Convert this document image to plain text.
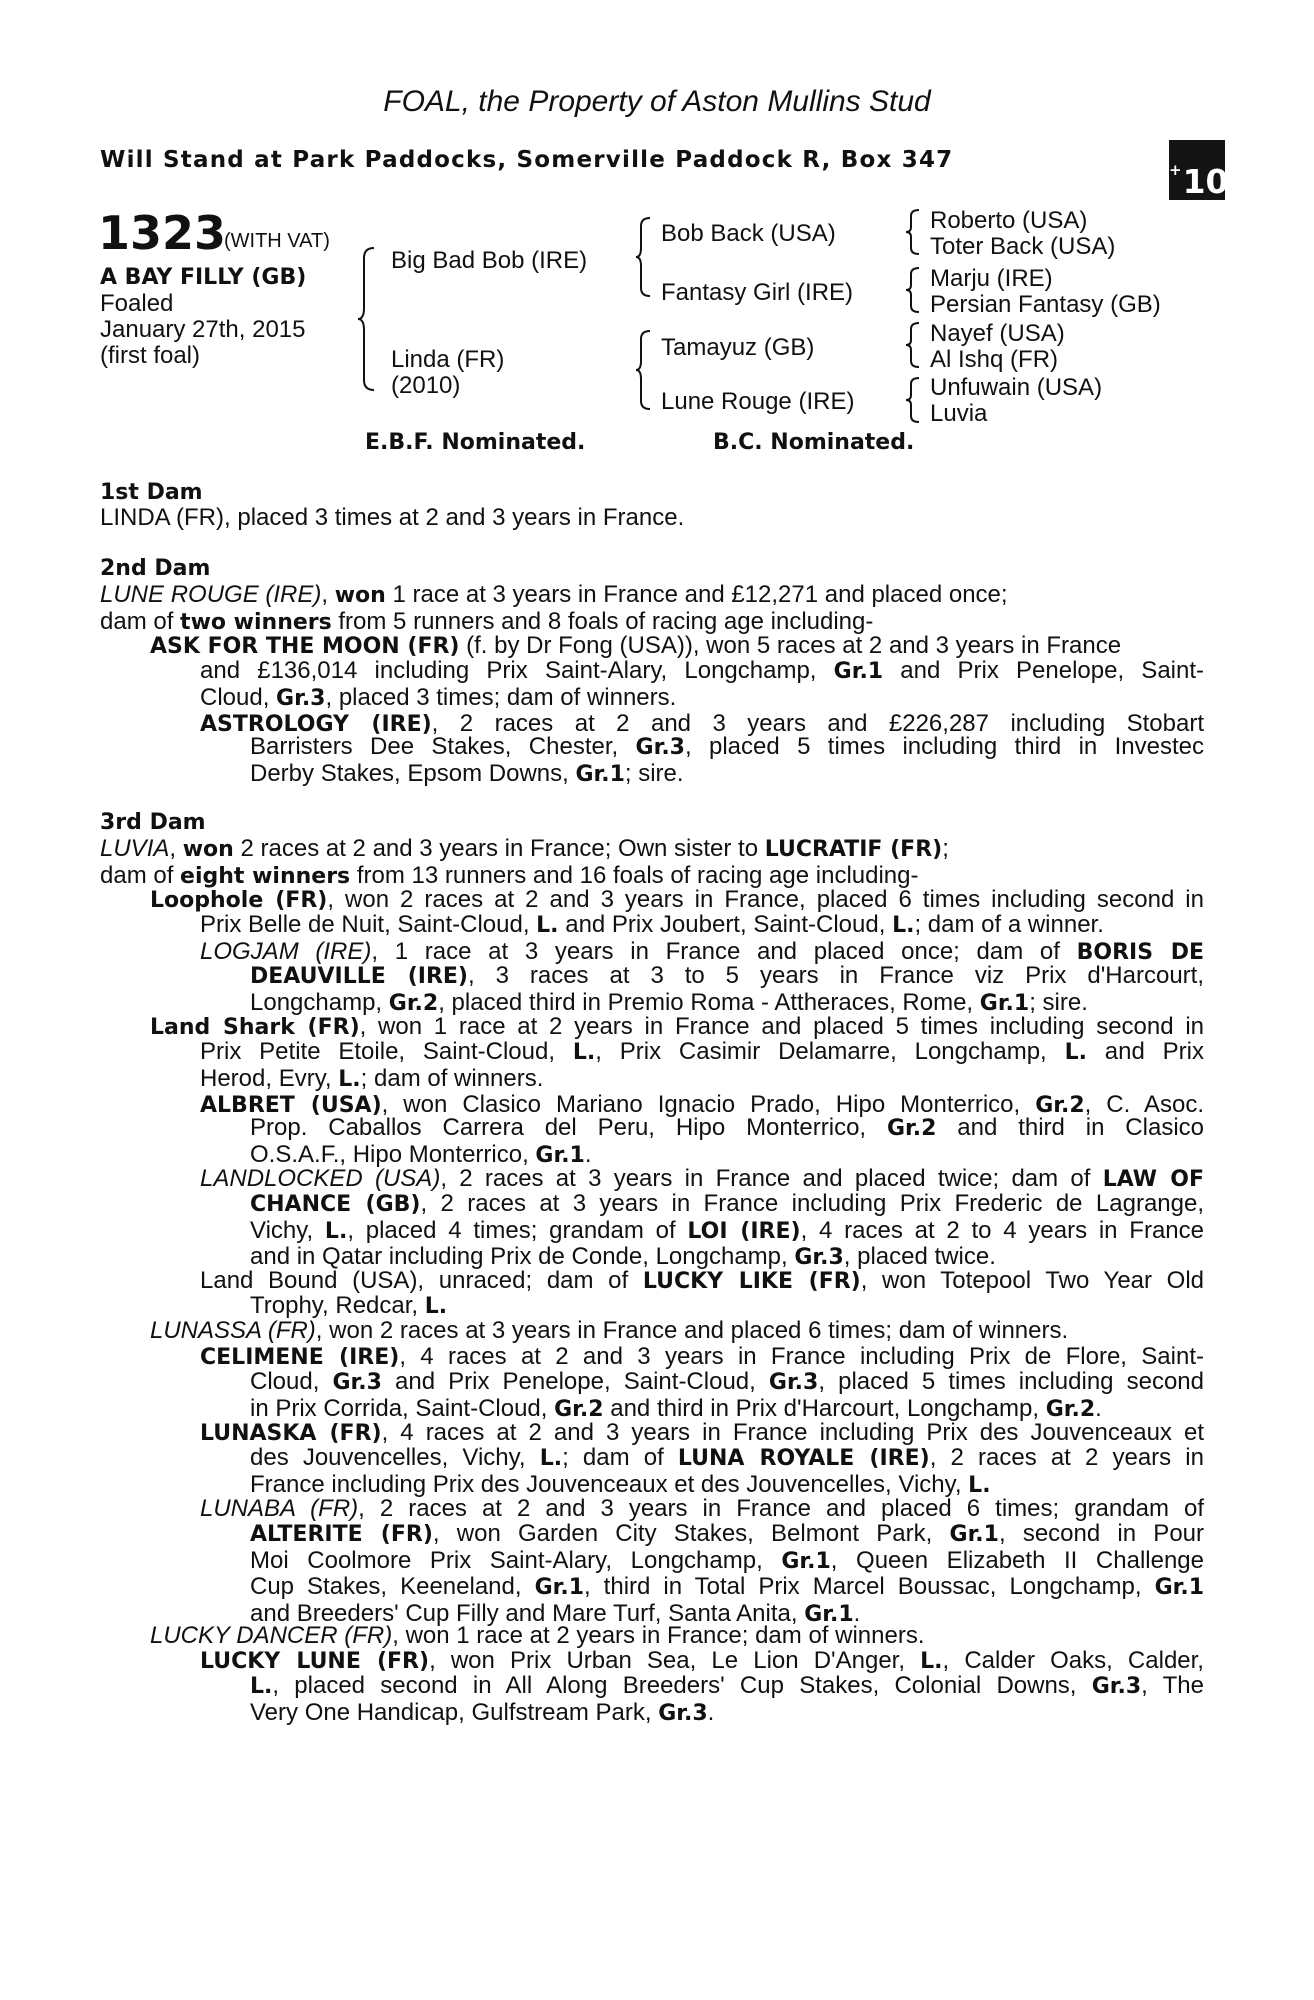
FOAL, the Property of Aston Mullins Stud
Will Stand at Park Paddocks, Somerville Paddock R, Box 347	+10
1323
(WITH VAT)
A BAY FILLY (GB)
Foaled
January 27th, 2015
(first foal)
Big Bad Bob (IRE)
Linda (FR)
(2010)
Bob Back (USA)
Fantasy Girl (IRE)
Tamayuz (GB)
Lune Rouge (IRE)
Roberto (USA)
Toter Back (USA)
Marju (IRE)
Persian Fantasy (GB)
Nayef (USA)
Al Ishq (FR)
Unfuwain (USA)
Luvia
E.B.F. Nominated.	B.C. Nominated.
1st Dam
LINDA (FR), placed 3 times at 2 and 3 years in France.
2nd Dam

LUNE ROUGE (IRE), won 1 race at 3 years in France and £12,271 and placed once;

dam of two winners from 5 runners and 8 foals of racing age including-

ASK FOR THE MOON (FR) (f. by Dr Fong (USA)), won 5 races at 2 and 3 years in France

and £136,014 including Prix Saint-Alary, Longchamp, Gr.1 and Prix Penelope, Saint-

Cloud, Gr.3, placed 3 times; dam of winners.

ASTROLOGY (IRE), 2 races at 2 and 3 years and £226,287 including Stobart

Barristers Dee Stakes, Chester, Gr.3, placed 5 times including third in Investec

Derby Stakes, Epsom Downs, Gr.1; sire.

3rd Dam

LUVIA, won 2 races at 2 and 3 years in France; Own sister to LUCRATIF (FR);

dam of eight winners from 13 runners and 16 foals of racing age including-

Loophole (FR), won 2 races at 2 and 3 years in France, placed 6 times including second in

Prix Belle de Nuit, Saint-Cloud, L. and Prix Joubert, Saint-Cloud, L.; dam of a winner.

LOGJAM (IRE), 1 race at 3 years in France and placed once; dam of BORIS DE

DEAUVILLE (IRE), 3 races at 3 to 5 years in France viz Prix d'Harcourt,

Longchamp, Gr.2, placed third in Premio Roma - Attheraces, Rome, Gr.1; sire.

Land Shark (FR), won 1 race at 2 years in France and placed 5 times including second in

Prix Petite Etoile, Saint-Cloud, L., Prix Casimir Delamarre, Longchamp, L. and Prix

Herod, Evry, L.; dam of winners.

ALBRET (USA), won Clasico Mariano Ignacio Prado, Hipo Monterrico, Gr.2, C. Asoc.

Prop. Caballos Carrera del Peru, Hipo Monterrico, Gr.2 and third in Clasico

O.S.A.F., Hipo Monterrico, Gr.1.

LANDLOCKED (USA), 2 races at 3 years in France and placed twice; dam of LAW OF

CHANCE (GB), 2 races at 3 years in France including Prix Frederic de Lagrange,

Vichy, L., placed 4 times; grandam of LOI (IRE), 4 races at 2 to 4 years in France

and in Qatar including Prix de Conde, Longchamp, Gr.3, placed twice.

Land Bound (USA), unraced; dam of LUCKY LIKE (FR), won Totepool Two Year Old

Trophy, Redcar, L.

LUNASSA (FR), won 2 races at 3 years in France and placed 6 times; dam of winners.

CELIMENE (IRE), 4 races at 2 and 3 years in France including Prix de Flore, Saint-

Cloud, Gr.3 and Prix Penelope, Saint-Cloud, Gr.3, placed 5 times including second

in Prix Corrida, Saint-Cloud, Gr.2 and third in Prix d'Harcourt, Longchamp, Gr.2.

LUNASKA (FR), 4 races at 2 and 3 years in France including Prix des Jouvenceaux et

des Jouvencelles, Vichy, L.; dam of LUNA ROYALE (IRE), 2 races at 2 years in

France including Prix des Jouvenceaux et des Jouvencelles, Vichy, L.

LUNABA (FR), 2 races at 2 and 3 years in France and placed 6 times; grandam of

ALTERITE (FR), won Garden City Stakes, Belmont Park, Gr.1, second in Pour

Moi Coolmore Prix Saint-Alary, Longchamp, Gr.1, Queen Elizabeth II Challenge

Cup Stakes, Keeneland, Gr.1, third in Total Prix Marcel Boussac, Longchamp, Gr.1

and Breeders' Cup Filly and Mare Turf, Santa Anita, Gr.1.

LUCKY DANCER (FR), won 1 race at 2 years in France; dam of winners.

LUCKY LUNE (FR), won Prix Urban Sea, Le Lion D'Anger, L., Calder Oaks, Calder,

L., placed second in All Along Breeders' Cup Stakes, Colonial Downs, Gr.3, The

Very One Handicap, Gulfstream Park, Gr.3.
